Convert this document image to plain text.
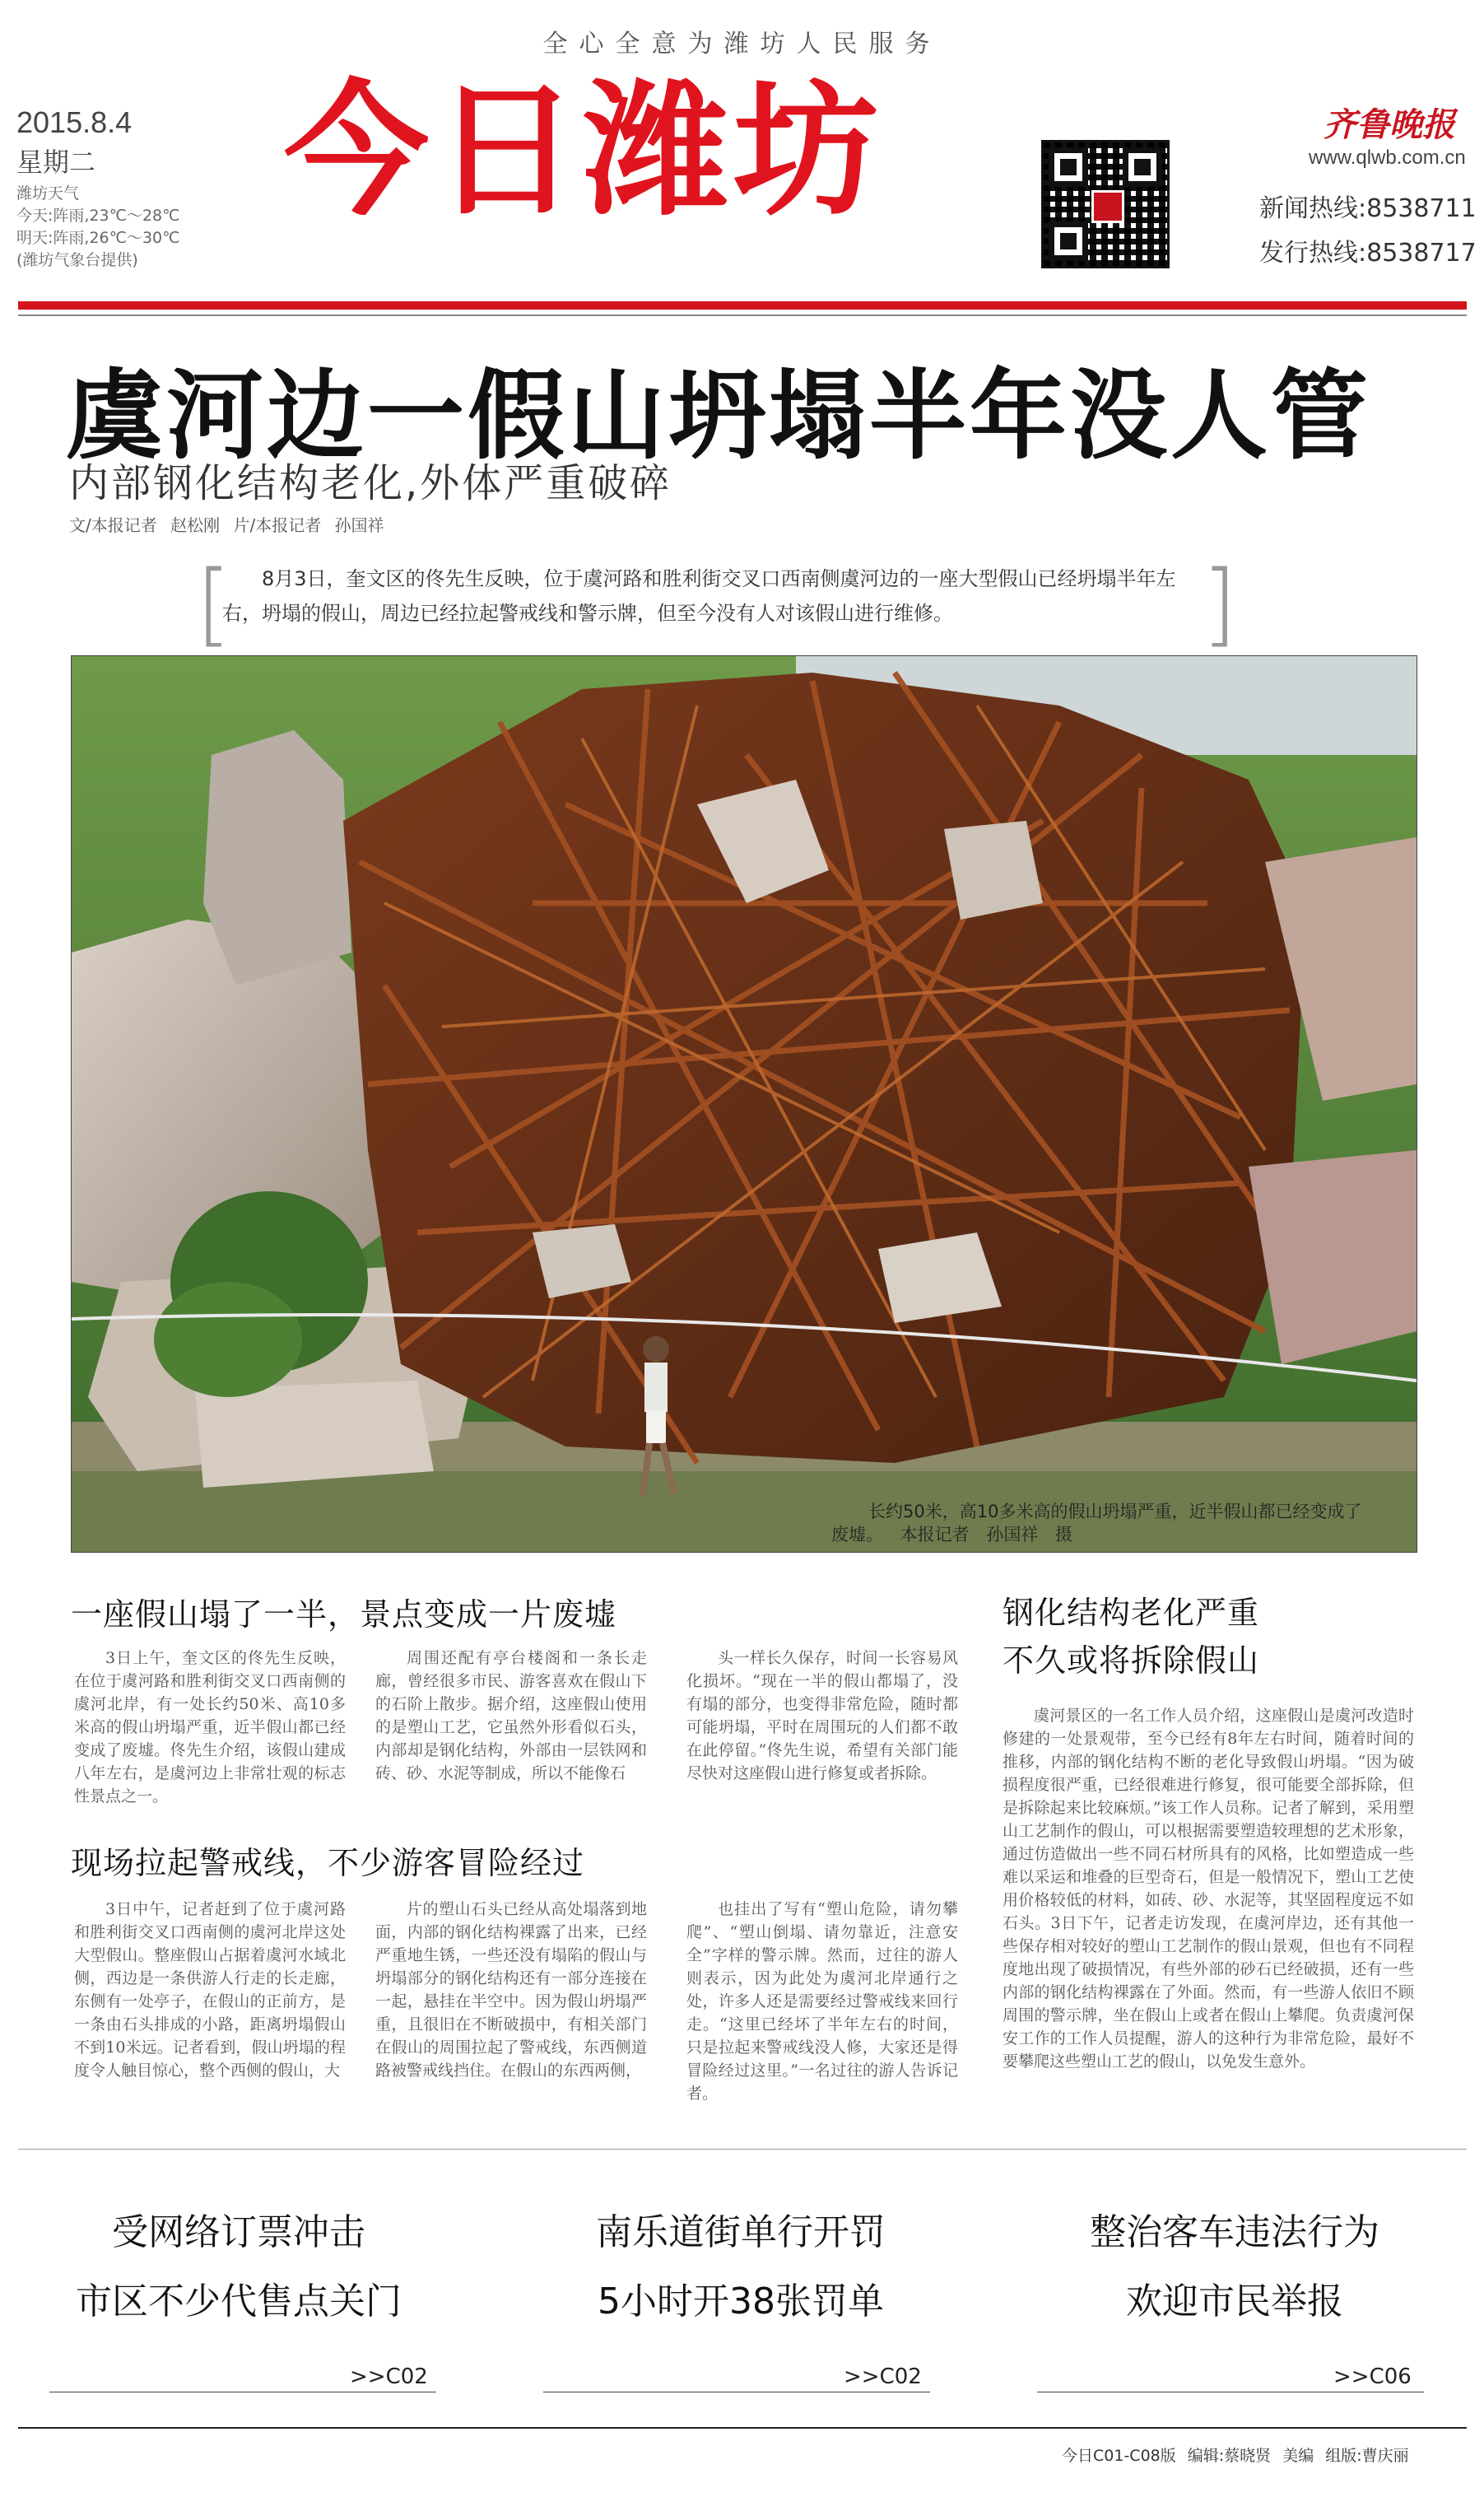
全心全意为潍坊人民服务
2015.8.4
星期二
潍坊天气
今天:阵雨,23℃～28℃
明天:阵雨,26℃～30℃
(潍坊气象台提供)
今日潍坊	齐鲁晚报
www.qlwb.com.cn
新闻热线:8538711
发行热线:8538717
虞河边一假山坍塌半年没人管
内部钢化结构老化,外体严重破碎
文/本报记者 赵松刚 片/本报记者 孙国祥
[	]
8月3日，奎文区的佟先生反映，位于虞河路和胜利街交叉口西南侧虞河边的一座大型假山已经坍塌半年左右，坍塌的假山，周边已经拉起警戒线和警示牌，但至今没有人对该假山进行维修。
长约50米，高10多米高的假山坍塌严重，近半假山都已经变成了
废墟。 本报记者 孙国祥 摄
一座假山塌了一半，景点变成一片废墟
3日上午，奎文区的佟先生反映，在位于虞河路和胜利街交叉口西南侧的虞河北岸，有一处长约50米、高10多米高的假山坍塌严重，近半假山都已经变成了废墟。佟先生介绍，该假山建成八年左右，是虞河边上非常壮观的标志性景点之一。
周围还配有亭台楼阁和一条长走廊，曾经很多市民、游客喜欢在假山下的石阶上散步。据介绍，这座假山使用的是塑山工艺，它虽然外形看似石头，内部却是钢化结构，外部由一层铁网和砖、砂、水泥等制成，所以不能像石
头一样长久保存，时间一长容易风化损坏。“现在一半的假山都塌了，没有塌的部分，也变得非常危险，随时都可能坍塌，平时在周围玩的人们都不敢在此停留。”佟先生说，希望有关部门能尽快对这座假山进行修复或者拆除。
现场拉起警戒线，不少游客冒险经过
3日中午，记者赶到了位于虞河路和胜利街交叉口西南侧的虞河北岸这处大型假山。整座假山占据着虞河水域北侧，西边是一条供游人行走的长走廊，东侧有一处亭子，在假山的正前方，是一条由石头排成的小路，距离坍塌假山不到10米远。记者看到，假山坍塌的程度令人触目惊心，整个西侧的假山，大
片的塑山石头已经从高处塌落到地面，内部的钢化结构裸露了出来，已经严重地生锈，一些还没有塌陷的假山与坍塌部分的钢化结构还有一部分连接在一起，悬挂在半空中。因为假山坍塌严重，且很旧在不断破损中，有相关部门在假山的周围拉起了警戒线，东西侧道路被警戒线挡住。在假山的东西两侧，
也挂出了写有“塑山危险，请勿攀爬”、“塑山倒塌、请勿靠近，注意安全”字样的警示牌。然而，过往的游人则表示，因为此处为虞河北岸通行之处，许多人还是需要经过警戒线来回行走。“这里已经坏了半年左右的时间，只是拉起来警戒线没人修，大家还是得冒险经过这里。”一名过往的游人告诉记者。
钢化结构老化严重
不久或将拆除假山
虞河景区的一名工作人员介绍，这座假山是虞河改造时修建的一处景观带，至今已经有8年左右时间，随着时间的推移，内部的钢化结构不断的老化导致假山坍塌。“因为破损程度很严重，已经很难进行修复，很可能要全部拆除，但是拆除起来比较麻烦。”该工作人员称。记者了解到，采用塑山工艺制作的假山，可以根据需要塑造较理想的艺术形象，通过仿造做出一些不同石材所具有的风格，比如塑造成一些难以采运和堆叠的巨型奇石，但是一般情况下，塑山工艺使用价格较低的材料，如砖、砂、水泥等，其坚固程度远不如石头。3日下午，记者走访发现，在虞河岸边，还有其他一些保存相对较好的塑山工艺制作的假山景观，但也有不同程度地出现了破损情况，有些外部的砂石已经破损，还有一些内部的钢化结构裸露在了外面。然而，有一些游人依旧不顾周围的警示牌，坐在假山上或者在假山上攀爬。负责虞河保安工作的工作人员提醒，游人的这种行为非常危险，最好不要攀爬这些塑山工艺的假山，以免发生意外。
受网络订票冲击
市区不少代售点关门
南乐道街单行开罚
5小时开38张罚单
整治客车违法行为
欢迎市民举报
>>C02	>>C02	>>C06
今日C01-C08版 编辑:蔡晓贤 美编 组版:曹庆丽
